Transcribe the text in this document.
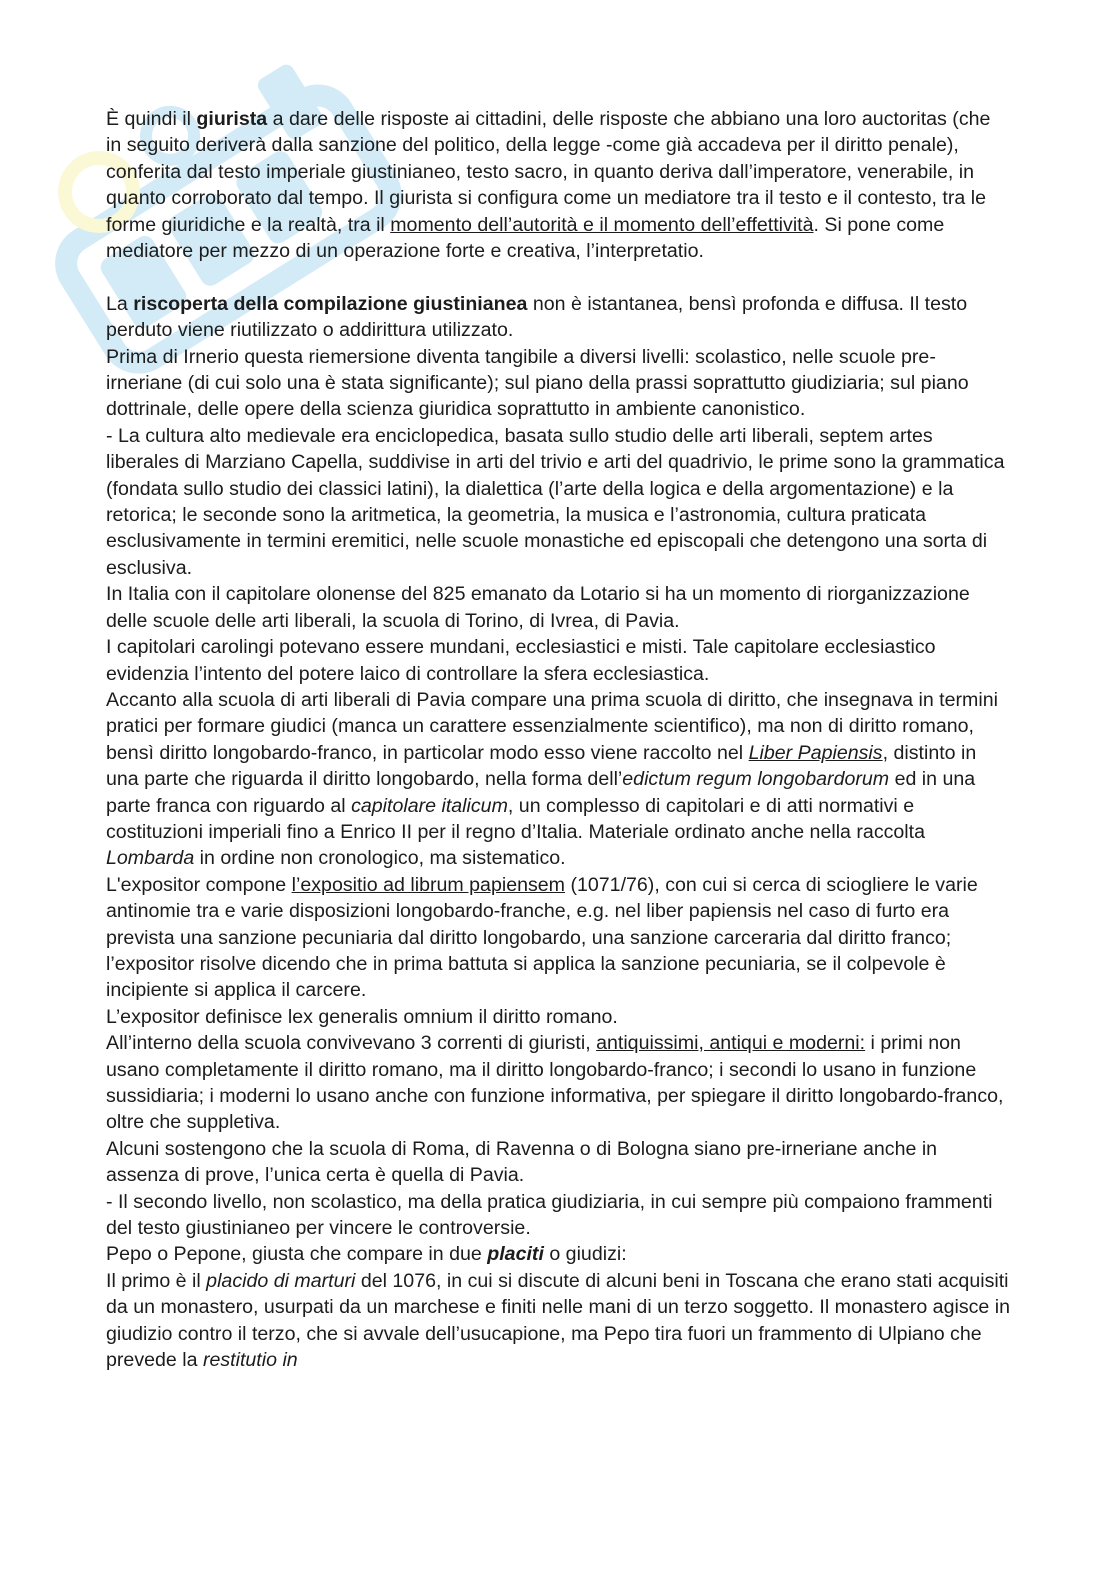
È quindi il giurista a dare delle risposte ai cittadini, delle risposte che abbiano una loro auctoritas (che in seguito deriverà dalla sanzione del politico, della legge -come già accadeva per il diritto penale), conferita dal testo imperiale giustinianeo, testo sacro, in quanto deriva dall’imperatore, venerabile, in quanto corroborato dal tempo. Il giurista si configura come un mediatore tra il testo e il contesto, tra le forme giuridiche e la realtà, tra il momento dell’autorità e il momento dell’effettività. Si pone come mediatore per mezzo di un operazione forte e creativa, l’interpretatio.

La riscoperta della compilazione giustinianea non è istantanea, bensì profonda e diffusa. Il testo perduto viene riutilizzato o addirittura utilizzato.

Prima di Irnerio questa riemersione diventa tangibile a diversi livelli: scolastico, nelle scuole pre-irneriane (di cui solo una è stata significante); sul piano della prassi soprattutto giudiziaria; sul piano dottrinale, delle opere della scienza giuridica soprattutto in ambiente canonistico.

- La cultura alto medievale era enciclopedica, basata sullo studio delle arti liberali, septem artes liberales di Marziano Capella, suddivise in arti del trivio e arti del quadrivio, le prime sono la grammatica (fondata sullo studio dei classici latini), la dialettica (l’arte della logica e della argomentazione) e la retorica; le seconde sono la aritmetica, la geometria, la musica e l’astronomia, cultura praticata esclusivamente in termini eremitici, nelle scuole monastiche ed episcopali che detengono una sorta di esclusiva.

In Italia con il capitolare olonense del 825 emanato da Lotario si ha un momento di riorganizzazione delle scuole delle arti liberali, la scuola di Torino, di Ivrea, di Pavia.

I capitolari carolingi potevano essere mundani, ecclesiastici e misti. Tale capitolare ecclesiastico evidenzia l’intento del potere laico di controllare la sfera ecclesiastica.

Accanto alla scuola di arti liberali di Pavia compare una prima scuola di diritto, che insegnava in termini pratici per formare giudici (manca un carattere essenzialmente scientifico), ma non di diritto romano, bensì diritto longobardo-franco, in particolar modo esso viene raccolto nel Liber Papiensis, distinto in una parte che riguarda il diritto longobardo, nella forma dell’edictum regum longobardorum ed in una parte franca con riguardo al capitolare italicum, un complesso di capitolari e di atti normativi e costituzioni imperiali fino a Enrico II per il regno d’Italia. Materiale ordinato anche nella raccolta Lombarda in ordine non cronologico, ma sistematico.

L'expositor compone l’expositio ad librum papiensem (1071/76), con cui si cerca di sciogliere le varie antinomie tra e varie disposizioni longobardo-franche, e.g. nel liber papiensis nel caso di furto era prevista una sanzione pecuniaria dal diritto longobardo, una sanzione carceraria dal diritto franco; l’expositor risolve dicendo che in prima battuta si applica la sanzione pecuniaria, se il colpevole è incipiente si applica il carcere.

L’expositor definisce lex generalis omnium il diritto romano.

All’interno della scuola convivevano 3 correnti di giuristi, antiquissimi, antiqui e moderni: i primi non usano completamente il diritto romano, ma il diritto longobardo-franco; i secondi lo usano in funzione sussidiaria; i moderni lo usano anche con funzione informativa, per spiegare il diritto longobardo-franco, oltre che suppletiva.

Alcuni sostengono che la scuola di Roma, di Ravenna o di Bologna siano pre-irneriane anche in assenza di prove, l’unica certa è quella di Pavia.

- Il secondo livello, non scolastico, ma della pratica giudiziaria, in cui sempre più compaiono frammenti del testo giustinianeo per vincere le controversie.

Pepo o Pepone, giusta che compare in due placiti o giudizi:

Il primo è il placido di marturi del 1076, in cui si discute di alcuni beni in Toscana che erano stati acquisiti da un monastero, usurpati da un marchese e finiti nelle mani di un terzo soggetto. Il monastero agisce in giudizio contro il terzo, che si avvale dell’usucapione, ma Pepo tira fuori un frammento di Ulpiano che prevede la restitutio in
